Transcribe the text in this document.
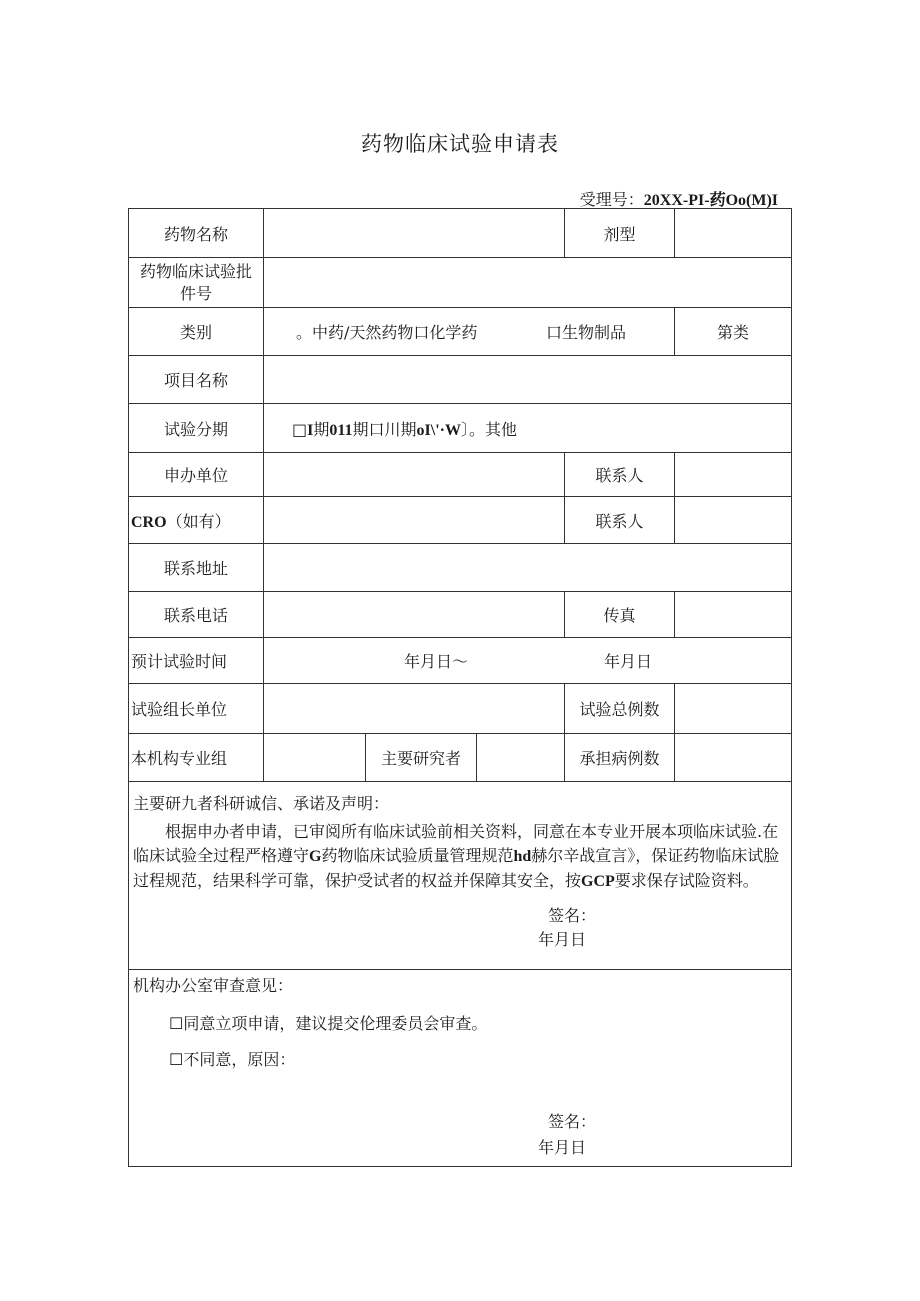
药物临床试验申请表
受理号：20XX-PI-药Oo(M)I
药物名称				剂型	
药物临床试验批件号					
类别	。中药/天然药物口化学药 口生物制品				第类
项目名称					
试验分期	□I期011期口川期oI\'·W〕。其他				
申办单位				联系人	
CRO（如有）				联系人	
联系地址					
联系电话				传真	
预计试验时间	年月日～ 年月日				
试验组长单位				试验总例数	
本机构专业组		主要研究者		承担病例数	

主要研九者科研诚信、承诺及声明：
根据申办者申请，已审阅所有临床试验前相关资料，同意在本专业开展本项临床试验.在临床试验全过程严格遵守G药物临床试验质量管理规范hd赫尔辛战宣言》，保证药物临床试脸过程规范，结果科学可靠，保护受试者的权益并保障其安全，按GCP要求保存试险资料。
签名：
年月日					

机构办公室审查意见：
☐同意立项申请，建议提交伦理委员会审查。
☐不同意，原因：
签名：
年月日					
